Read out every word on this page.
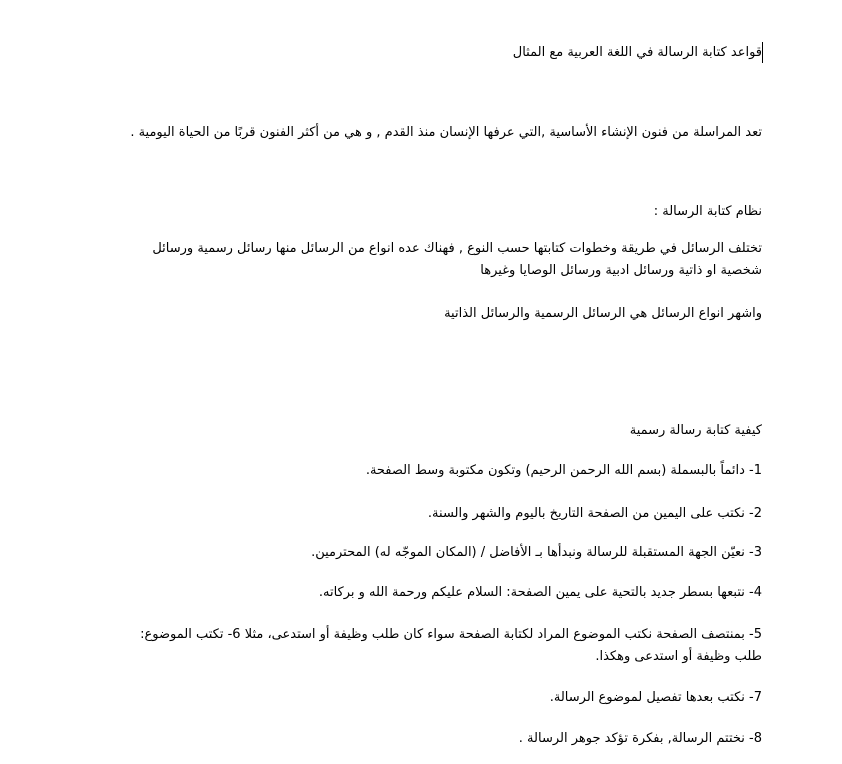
قواعد كتابة الرسالة في اللغة العربية مع المثال
تعد المراسلة من فنون الإنشاء الأساسية ,التي عرفها الإنسان منذ القدم , و هي من أكثر الفنون قربًا من الحياة اليومية .
نظام كتابة الرسالة :
تختلف الرسائل في طريقة وخطوات كتابتها حسب النوع , فهناك عده انواع من الرسائل منها رسائل رسمية ورسائل شخصية او ذاتية ورسائل ادبية ورسائل الوصايا وغيرها
واشهر انواع الرسائل هي الرسائل الرسمية والرسائل الذاتية
كيفية كتابة رسالة رسمية
1- دائماً بالبسملة (بسم الله الرحمن الرحيم) وتكون مكتوبة وسط الصفحة.
2- نكتب على اليمين من الصفحة التاريخ باليوم والشهر والسنة.
3- نعيّن الجهة المستقبلة للرسالة ونبدأها بـ الأفاضل / (المكان الموجّه له) المحترمين.
4- نتبعها بسطر جديد بالتحية على يمين الصفحة: السلام عليكم ورحمة الله و بركاته.
5- بمنتصف الصفحة نكتب الموضوع المراد لكتابة الصفحة سواء كان طلب وظيفة أو استدعى، مثلا 6- تكتب الموضوع: طلب وظيفة أو استدعى وهكذا.
7- نكتب بعدها تفصيل لموضوع الرسالة.
8- نختتم الرسالة, بفكرة تؤكد جوهر الرسالة .
